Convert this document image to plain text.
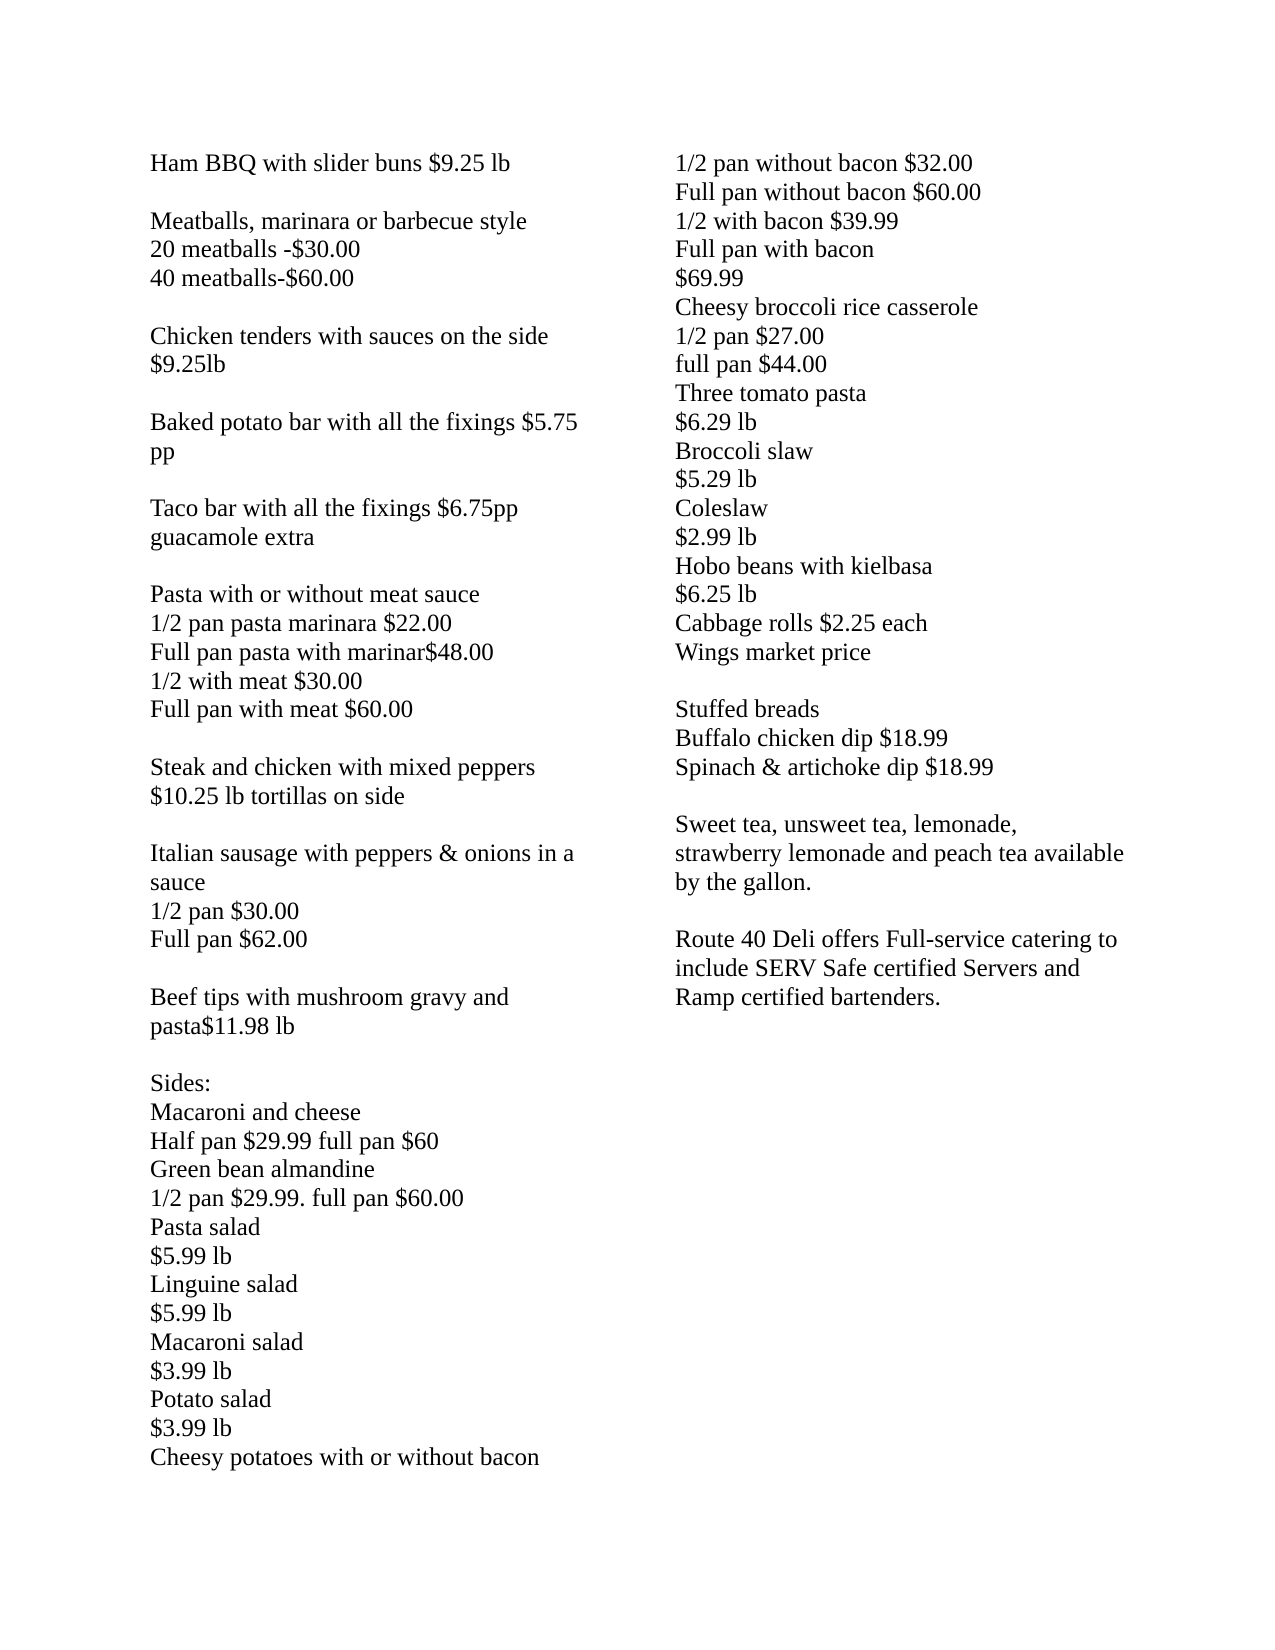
Ham BBQ with slider buns $9.25 lb
Meatballs, marinara or barbecue style
20 meatballs -$30.00
40 meatballs-$60.00
Chicken tenders with sauces on the side
$9.25lb
Baked potato bar with all the fixings $5.75
pp
Taco bar with all the fixings $6.75pp
guacamole extra
Pasta with or without meat sauce
1/2 pan pasta marinara $22.00
Full pan pasta with marinar$48.00
1/2 with meat $30.00
Full pan with meat $60.00
Steak and chicken with mixed peppers
$10.25 lb tortillas on side
Italian sausage with peppers & onions in a
sauce
1/2 pan $30.00
Full pan $62.00
Beef tips with mushroom gravy and
pasta$11.98 lb
Sides:
Macaroni and cheese
Half pan $29.99 full pan $60
Green bean almandine
1/2 pan $29.99. full pan $60.00
Pasta salad
$5.99 lb
Linguine salad
$5.99 lb
Macaroni salad
$3.99 lb
Potato salad
$3.99 lb
Cheesy potatoes with or without bacon
1/2 pan without bacon $32.00
Full pan without bacon $60.00
1/2 with bacon $39.99
Full pan with bacon
$69.99
Cheesy broccoli rice casserole
1/2 pan $27.00
full pan $44.00
Three tomato pasta
$6.29 lb
Broccoli slaw
$5.29 lb
Coleslaw
$2.99 lb
Hobo beans with kielbasa
$6.25 lb
Cabbage rolls $2.25 each
Wings market price
Stuffed breads
Buffalo chicken dip $18.99
Spinach & artichoke dip $18.99
Sweet tea, unsweet tea, lemonade,
strawberry lemonade and peach tea available
by the gallon.
Route 40 Deli offers Full-service catering to
include SERV Safe certified Servers and
Ramp certified bartenders.
